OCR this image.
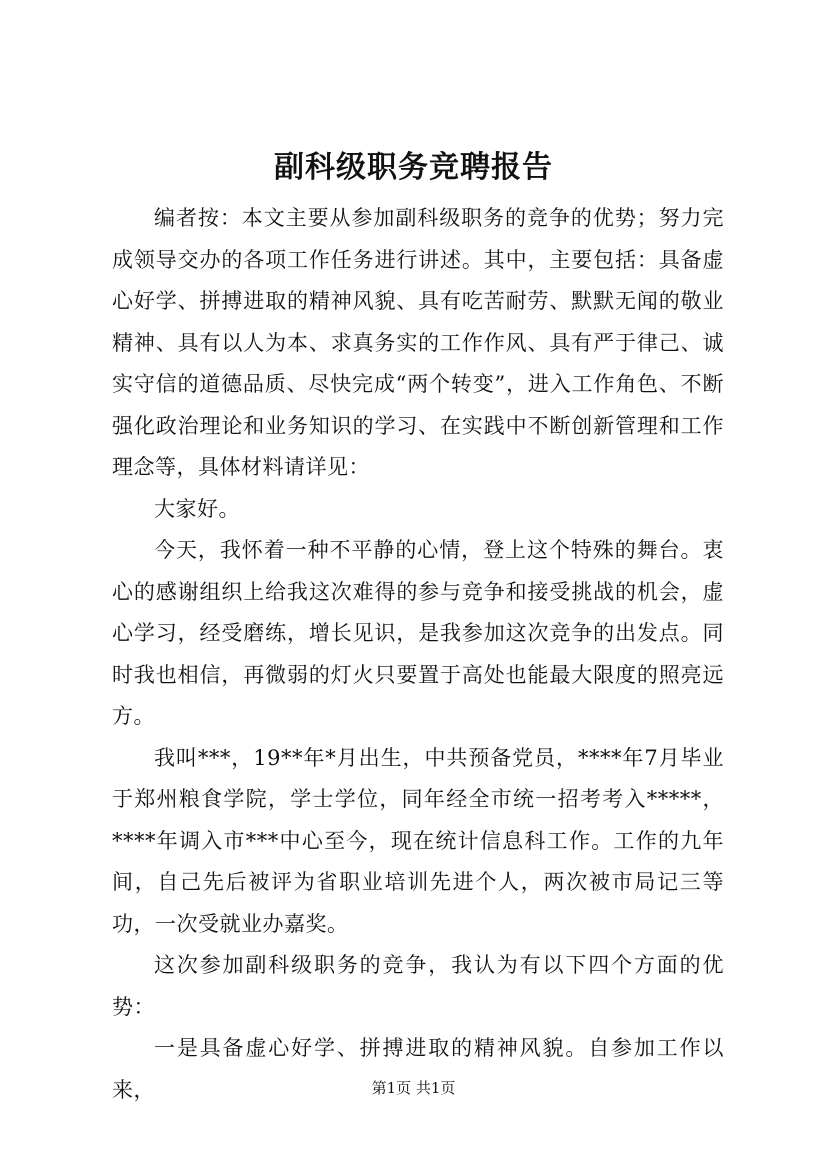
副科级职务竞聘报告

编者按：本文主要从参加副科级职务的竞争的优势；努力完成领导交办的各项工作任务进行讲述。其中，主要包括：具备虚心好学、拼搏进取的精神风貌、具有吃苦耐劳、默默无闻的敬业精神、具有以人为本、求真务实的工作作风、具有严于律己、诚实守信的道德品质、尽快完成“两个转变”，进入工作角色、不断强化政治理论和业务知识的学习、在实践中不断创新管理和工作理念等，具体材料请详见：

大家好。

今天，我怀着一种不平静的心情，登上这个特殊的舞台。衷心的感谢组织上给我这次难得的参与竞争和接受挑战的机会，虚心学习，经受磨练，增长见识，是我参加这次竞争的出发点。同时我也相信，再微弱的灯火只要置于高处也能最大限度的照亮远方。

我叫***，19**年*月出生，中共预备党员，****年7月毕业于郑州粮食学院，学士学位，同年经全市统一招考考入*****，****年调入市***中心至今，现在统计信息科工作。工作的九年间，自己先后被评为省职业培训先进个人，两次被市局记三等功，一次受就业办嘉奖。

这次参加副科级职务的竞争，我认为有以下四个方面的优势：

一是具备虚心好学、拼搏进取的精神风貌。自参加工作以来，	第1页 共1页
